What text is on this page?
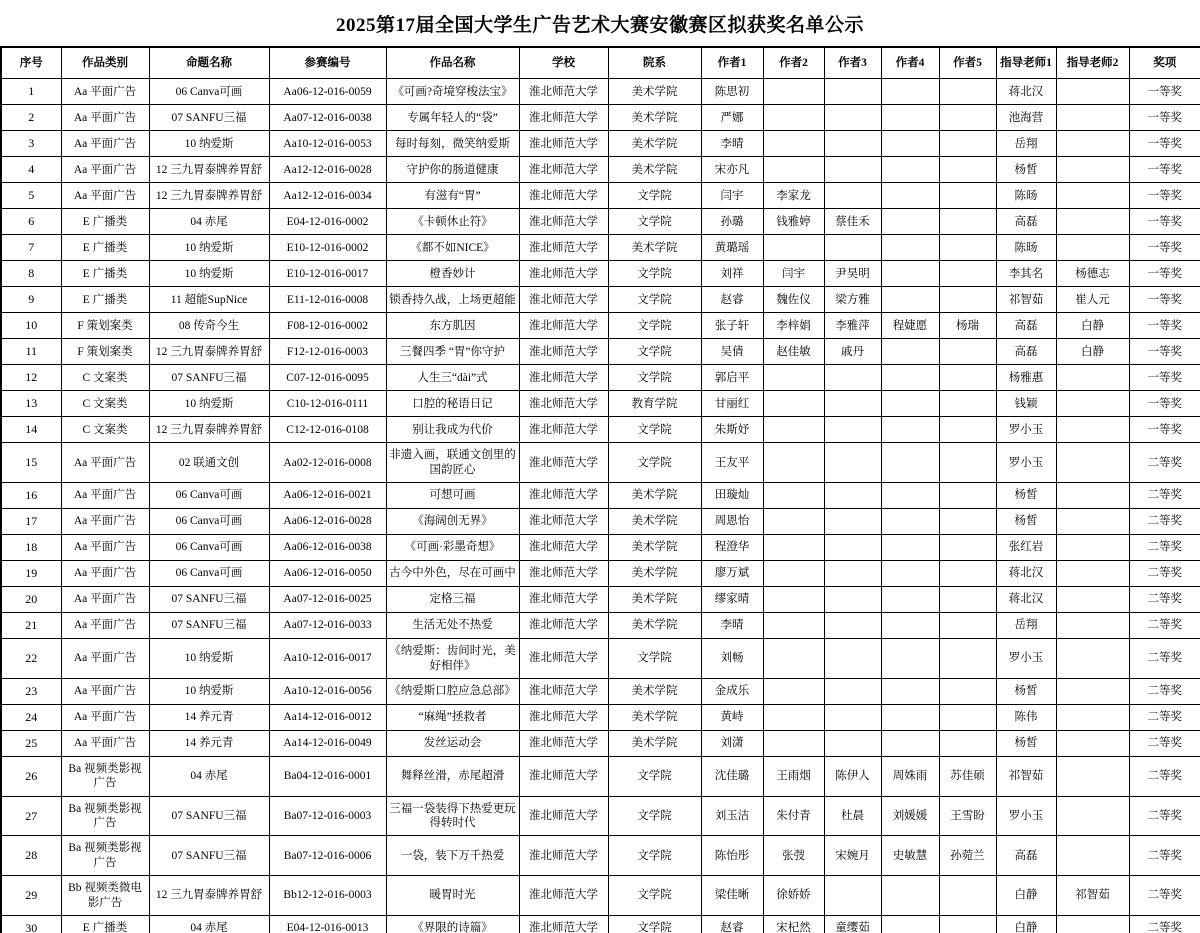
2025第17届全国大学生广告艺术大赛安徽赛区拟获奖名单公示
序号	作品类别	命题名称	参赛编号	作品名称	学校	院系	作者1	作者2	作者3	作者4	作者5	指导老师1	指导老师2	奖项
1	Aa 平面广告	06 Canva可画	Aa06-12-016-0059	《可画?奇境穿梭法宝》	淮北师范大学	美术学院	陈思初					蒋北汉		一等奖
2	Aa 平面广告	07 SANFU三福	Aa07-12-016-0038	专属年轻人的“袋”	淮北师范大学	美术学院	严娜					池海营		一等奖
3	Aa 平面广告	10 纳爱斯	Aa10-12-016-0053	每时每刻，微笑纳爱斯	淮北师范大学	美术学院	李晴					岳翔		一等奖
4	Aa 平面广告	12 三九胃泰牌养胃舒	Aa12-12-016-0028	守护你的肠道健康	淮北师范大学	美术学院	宋亦凡					杨皙		一等奖
5	Aa 平面广告	12 三九胃泰牌养胃舒	Aa12-12-016-0034	有滋有“胃”	淮北师范大学	文学院	闫宇	李家龙				陈旸		一等奖
6	E 广播类	04 赤尾	E04-12-016-0002	《卡顿休止符》	淮北师范大学	文学院	孙璐	钱雅婷	蔡佳禾			高磊		一等奖
7	E 广播类	10 纳爱斯	E10-12-016-0002	《都不如NICE》	淮北师范大学	美术学院	黄璐瑶					陈旸		一等奖
8	E 广播类	10 纳爱斯	E10-12-016-0017	橙香妙计	淮北师范大学	文学院	刘祥	闫宇	尹昊明			李其名	杨德志	一等奖
9	E 广播类	11 超能SupNice	E11-12-016-0008	锁香持久战，上场更超能	淮北师范大学	文学院	赵睿	魏佐仪	梁方雅			祁智茹	崔人元	一等奖
10	F 策划案类	08 传奇今生	F08-12-016-0002	东方肌因	淮北师范大学	文学院	张子轩	李梓娟	李雅萍	程婕愿	杨瑞	高磊	白静	一等奖
11	F 策划案类	12 三九胃泰牌养胃舒	F12-12-016-0003	三餐四季 “胃”你守护	淮北师范大学	文学院	吴倩	赵佳敏	戚丹			高磊	白静	一等奖
12	C 文案类	07 SANFU三福	C07-12-016-0095	人生三“dài”式	淮北师范大学	文学院	郭启平					杨雅惠		一等奖
13	C 文案类	10 纳爱斯	C10-12-016-0111	口腔的秘语日记	淮北师范大学	教育学院	甘丽红					钱颖		一等奖
14	C 文案类	12 三九胃泰牌养胃舒	C12-12-016-0108	别让我成为代价	淮北师范大学	文学院	朱斯妤					罗小玉		一等奖
15	Aa 平面广告	02 联通文创	Aa02-12-016-0008	非遗入画，联通文创里的国韵匠心	淮北师范大学	文学院	王友平					罗小玉		二等奖
16	Aa 平面广告	06 Canva可画	Aa06-12-016-0021	可想可画	淮北师范大学	美术学院	田璇灿					杨皙		二等奖
17	Aa 平面广告	06 Canva可画	Aa06-12-016-0028	《海阔创无界》	淮北师范大学	美术学院	周恩怡					杨皙		二等奖
18	Aa 平面广告	06 Canva可画	Aa06-12-016-0038	《可画·彩墨奇想》	淮北师范大学	美术学院	程澄华					张红岩		二等奖
19	Aa 平面广告	06 Canva可画	Aa06-12-016-0050	古今中外色，尽在可画中	淮北师范大学	美术学院	廖万斌					蒋北汉		二等奖
20	Aa 平面广告	07 SANFU三福	Aa07-12-016-0025	定格三福	淮北师范大学	美术学院	缪家晴					蒋北汉		二等奖
21	Aa 平面广告	07 SANFU三福	Aa07-12-016-0033	生活无处不热爱	淮北师范大学	美术学院	李晴					岳翔		二等奖
22	Aa 平面广告	10 纳爱斯	Aa10-12-016-0017	《纳爱斯：齿间时光，美好相伴》	淮北师范大学	文学院	刘畅					罗小玉		二等奖
23	Aa 平面广告	10 纳爱斯	Aa10-12-016-0056	《纳爱斯口腔应急总部》	淮北师范大学	美术学院	金成乐					杨皙		二等奖
24	Aa 平面广告	14 养元青	Aa14-12-016-0012	“麻绳”拯救者	淮北师范大学	美术学院	黄峙					陈伟		二等奖
25	Aa 平面广告	14 养元青	Aa14-12-016-0049	发丝运动会	淮北师范大学	美术学院	刘潇					杨皙		二等奖
26	Ba 视频类影视广告	04 赤尾	Ba04-12-016-0001	舞释丝滑，赤尾超滑	淮北师范大学	文学院	沈佳璐	王雨烟	陈伊人	周姝雨	苏佳硕	祁智茹		二等奖
27	Ba 视频类影视广告	07 SANFU三福	Ba07-12-016-0003	三福一袋装得下热爱更玩得转时代	淮北师范大学	文学院	刘玉洁	朱付青	杜晨	刘媛媛	王雪盼	罗小玉		二等奖
28	Ba 视频类影视广告	07 SANFU三福	Ba07-12-016-0006	一袋，装下万千热爱	淮北师范大学	文学院	陈怡彤	张弢	宋婉月	史敏慧	孙菀兰	高磊		二等奖
29	Bb 视频类微电影广告	12 三九胃泰牌养胃舒	Bb12-12-016-0003	暖胃时光	淮北师范大学	文学院	梁佳晰	徐娇娇				白静	祁智茹	二等奖
30	E 广播类	04 赤尾	E04-12-016-0013	《界限的诗篇》	淮北师范大学	文学院	赵睿	宋杞然	童缨茹			白静		二等奖
